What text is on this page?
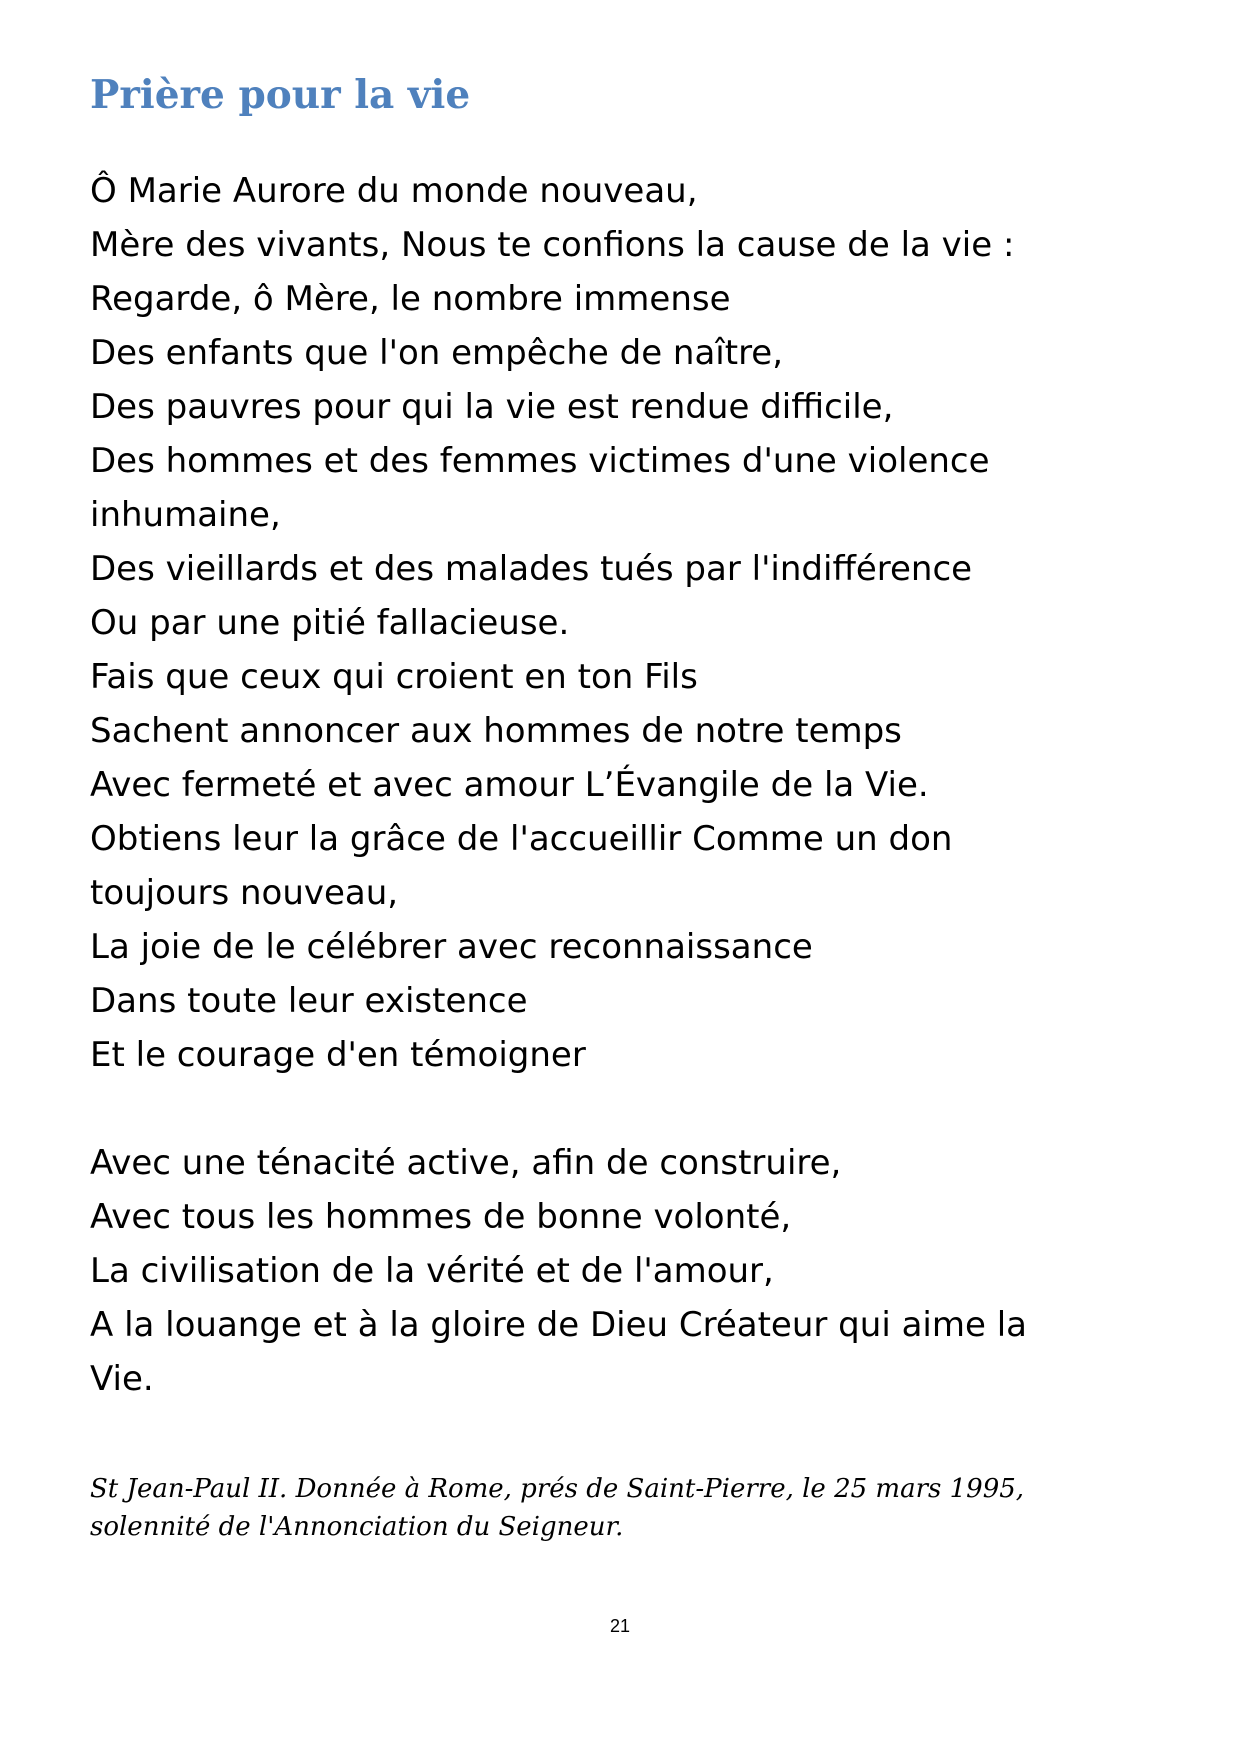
Prière pour la vie
Ô Marie Aurore du monde nouveau,
Mère des vivants, Nous te confions la cause de la vie :
Regarde, ô Mère, le nombre immense
Des enfants que l'on empêche de naître,
Des pauvres pour qui la vie est rendue difficile,
Des hommes et des femmes victimes d'une violence
inhumaine,
Des vieillards et des malades tués par l'indifférence
Ou par une pitié fallacieuse.
Fais que ceux qui croient en ton Fils
Sachent annoncer aux hommes de notre temps
Avec fermeté et avec amour L’Évangile de la Vie.
Obtiens leur la grâce de l'accueillir Comme un don
toujours nouveau,
La joie de le célébrer avec reconnaissance
Dans toute leur existence
Et le courage d'en témoigner
Avec une ténacité active, afin de construire,
Avec tous les hommes de bonne volonté,
La civilisation de la vérité et de l'amour,
A la louange et à la gloire de Dieu Créateur qui aime la
Vie.
St Jean-Paul II. Donnée à Rome, prés de Saint-Pierre, le 25 mars 1995,
solennité de l'Annonciation du Seigneur.
21
